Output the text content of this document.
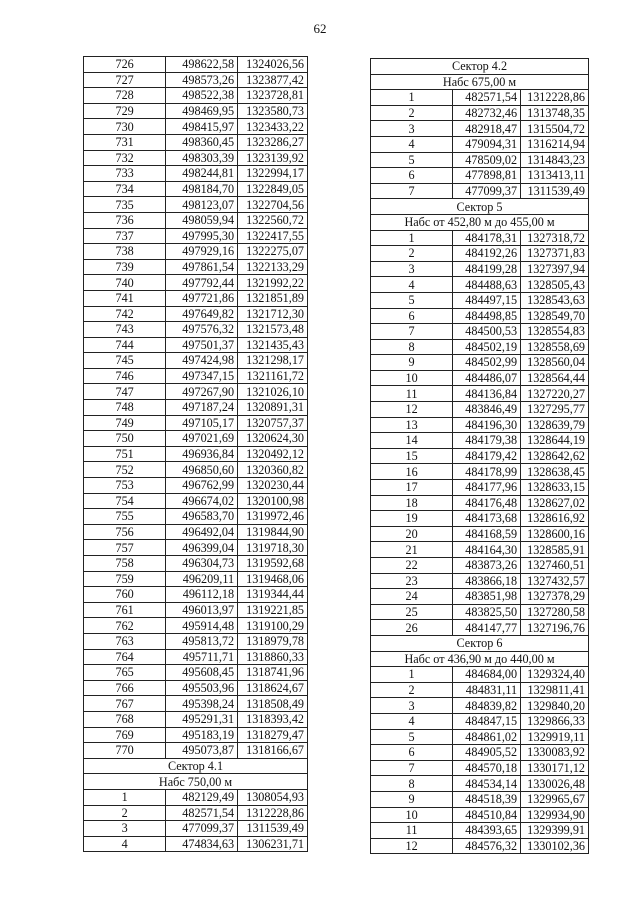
62
726	498622,58	1324026,56
727	498573,26	1323877,42
728	498522,38	1323728,81
729	498469,95	1323580,73
730	498415,97	1323433,22
731	498360,45	1323286,27
732	498303,39	1323139,92
733	498244,81	1322994,17
734	498184,70	1322849,05
735	498123,07	1322704,56
736	498059,94	1322560,72
737	497995,30	1322417,55
738	497929,16	1322275,07
739	497861,54	1322133,29
740	497792,44	1321992,22
741	497721,86	1321851,89
742	497649,82	1321712,30
743	497576,32	1321573,48
744	497501,37	1321435,43
745	497424,98	1321298,17
746	497347,15	1321161,72
747	497267,90	1321026,10
748	497187,24	1320891,31
749	497105,17	1320757,37
750	497021,69	1320624,30
751	496936,84	1320492,12
752	496850,60	1320360,82
753	496762,99	1320230,44
754	496674,02	1320100,98
755	496583,70	1319972,46
756	496492,04	1319844,90
757	496399,04	1319718,30
758	496304,73	1319592,68
759	496209,11	1319468,06
760	496112,18	1319344,44
761	496013,97	1319221,85
762	495914,48	1319100,29
763	495813,72	1318979,78
764	495711,71	1318860,33
765	495608,45	1318741,96
766	495503,96	1318624,67
767	495398,24	1318508,49
768	495291,31	1318393,42
769	495183,19	1318279,47
770	495073,87	1318166,67
Сектор 4.1		
Набс 750,00 м		
1	482129,49	1308054,93
2	482571,54	1312228,86
3	477099,37	1311539,49
4	474834,63	1306231,71
Сектор 4.2		
Набс 675,00 м		
1	482571,54	1312228,86
2	482732,46	1313748,35
3	482918,47	1315504,72
4	479094,31	1316214,94
5	478509,02	1314843,23
6	477898,81	1313413,11
7	477099,37	1311539,49
Сектор 5		
Набс от 452,80 м до 455,00 м		
1	484178,31	1327318,72
2	484192,26	1327371,83
3	484199,28	1327397,94
4	484488,63	1328505,43
5	484497,15	1328543,63
6	484498,85	1328549,70
7	484500,53	1328554,83
8	484502,19	1328558,69
9	484502,99	1328560,04
10	484486,07	1328564,44
11	484136,84	1327220,27
12	483846,49	1327295,77
13	484196,30	1328639,79
14	484179,38	1328644,19
15	484179,42	1328642,62
16	484178,99	1328638,45
17	484177,96	1328633,15
18	484176,48	1328627,02
19	484173,68	1328616,92
20	484168,59	1328600,16
21	484164,30	1328585,91
22	483873,26	1327460,51
23	483866,18	1327432,57
24	483851,98	1327378,29
25	483825,50	1327280,58
26	484147,77	1327196,76
Сектор 6		
Набс от 436,90 м до 440,00 м		
1	484684,00	1329324,40
2	484831,11	1329811,41
3	484839,82	1329840,20
4	484847,15	1329866,33
5	484861,02	1329919,11
6	484905,52	1330083,92
7	484570,18	1330171,12
8	484534,14	1330026,48
9	484518,39	1329965,67
10	484510,84	1329934,90
11	484393,65	1329399,91
12	484576,32	1330102,36
